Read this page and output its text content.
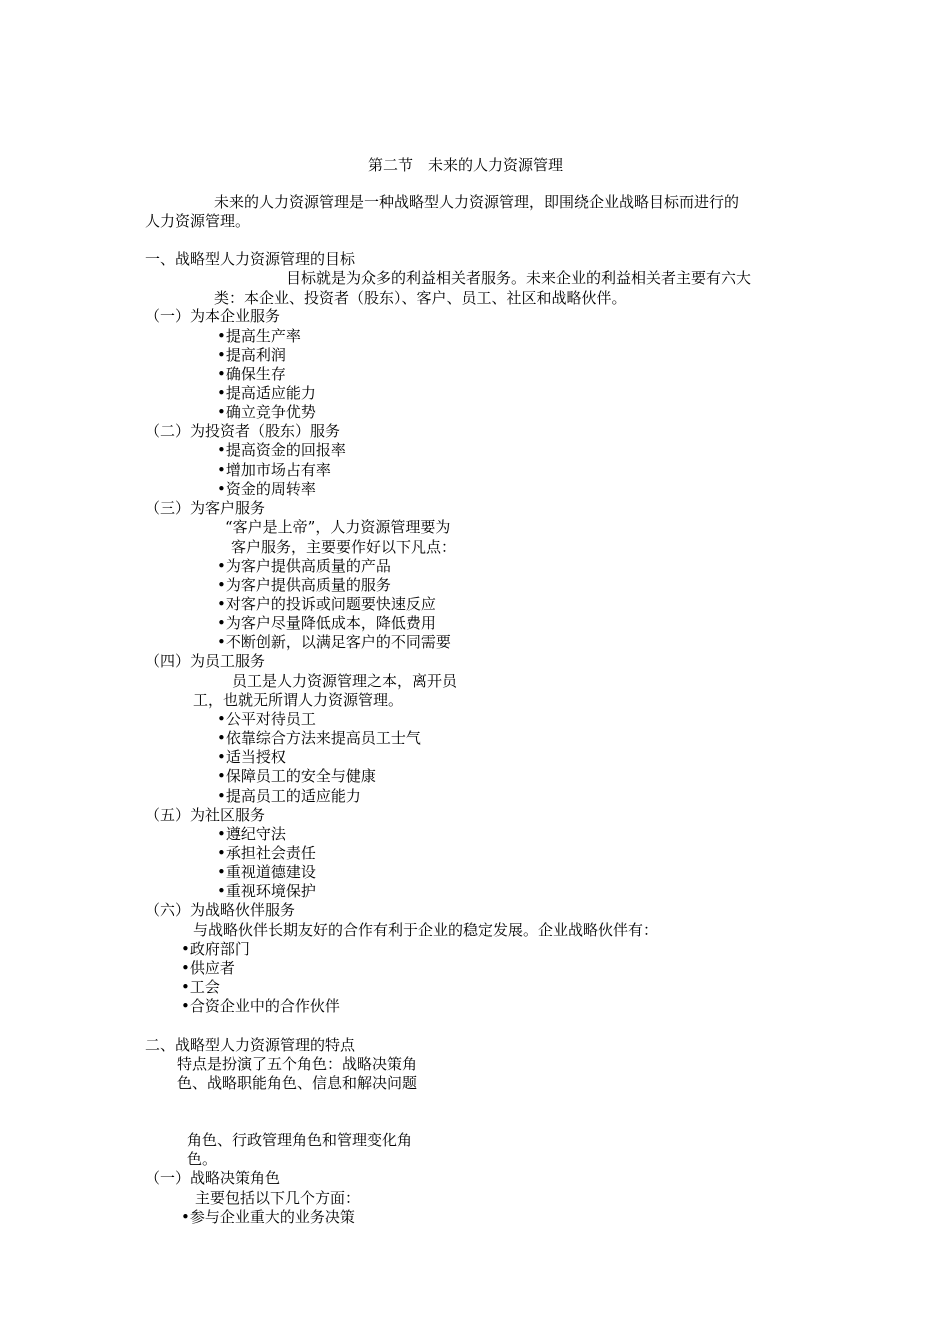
第二节　未来的人力资源管理
未来的人力资源管理是一种战略型人力资源管理，即围绕企业战略目标而进行的
人力资源管理。
一、战略型人力资源管理的目标
目标就是为众多的利益相关者服务。未来企业的利益相关者主要有六大
类：本企业、投资者（股东）、客户、员工、社区和战略伙伴。
（一）为本企业服务
•提高生产率
•提高利润
•确保生存
•提高适应能力
•确立竞争优势
（二）为投资者（股东）服务
•提高资金的回报率
•增加市场占有率
•资金的周转率
（三）为客户服务
“客户是上帝”，人力资源管理要为
客户服务，主要要作好以下凡点：
•为客户提供高质量的产品
•为客户提供高质量的服务
•对客户的投诉或问题要快速反应
•为客户尽量降低成本，降低费用
•不断创新，以满足客户的不同需要
（四）为员工服务
员工是人力资源管理之本，离开员
工，也就无所谓人力资源管理。
•公平对待员工
•依靠综合方法来提高员工士气
•适当授权
•保障员工的安全与健康
•提高员工的适应能力
（五）为社区服务
•遵纪守法
•承担社会责任
•重视道德建设
•重视环境保护
（六）为战略伙伴服务
与战略伙伴长期友好的合作有利于企业的稳定发展。企业战略伙伴有：
•政府部门
•供应者
•工会
•合资企业中的合作伙伴
二、战略型人力资源管理的特点
特点是扮演了五个角色：战略决策角
色、战略职能角色、信息和解决问题
角色、行政管理角色和管理变化角
色。
（一）战略决策角色
主要包括以下几个方面：
•参与企业重大的业务决策
